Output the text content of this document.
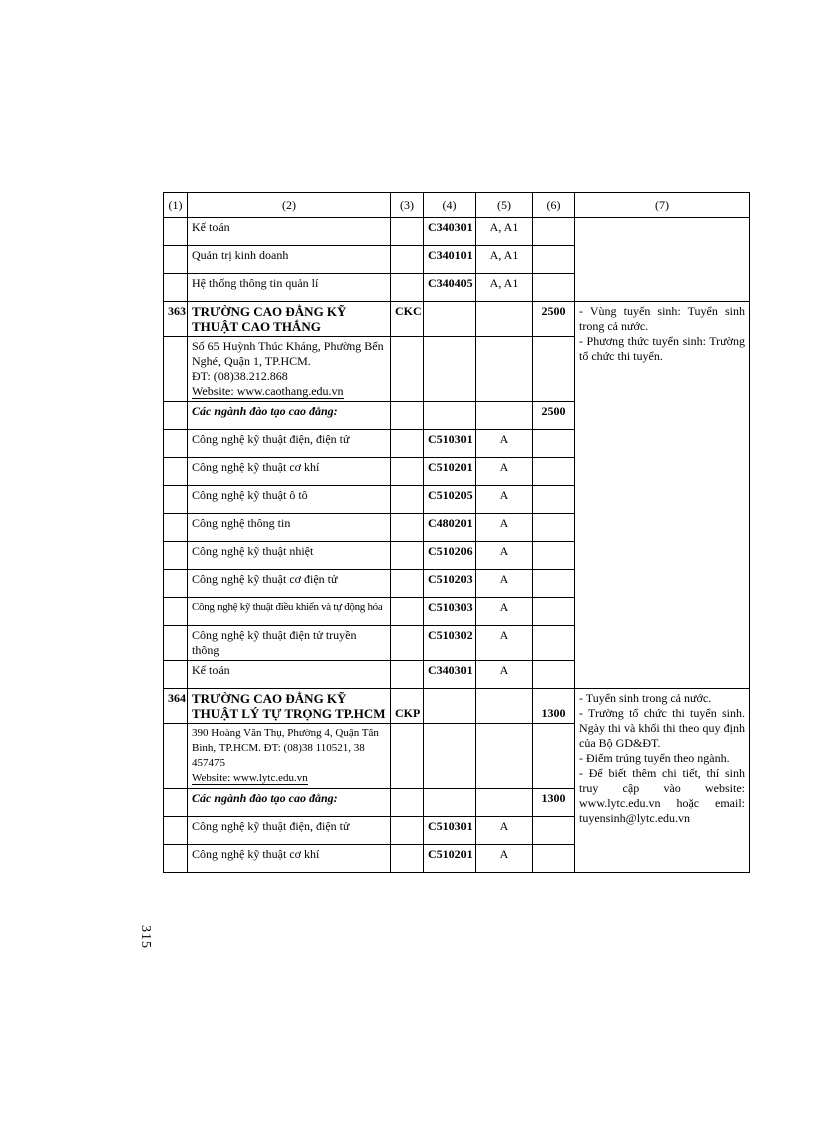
(1)	(2)	(3)	(4)	(5)	(6)	(7)
	Kế toán		C340301	A, A1		
	Quản trị kinh doanh		C340101	A, A1		
	Hệ thống thông tin quản lí		C340405	A, A1		
363	TRƯỜNG CAO ĐẲNG KỸ THUẬT CAO THẮNG	CKC			2500	- Vùng tuyển sinh: Tuyển sinh trong cả nước.

- Phương thức tuyển sinh: Trường tổ chức thi tuyển.

	Số 65 Huỳnh Thúc Kháng, Phường Bến Nghé, Quận 1, TP.HCM.

ĐT: (08)38.212.868

Website: www.caothang.edu.vn					

	Các ngành đào tạo cao đẳng:				2500	
	Công nghệ kỹ thuật điện, điện tử		C510301	A		
	Công nghệ kỹ thuật cơ khí		C510201	A		
	Công nghệ kỹ thuật ô tô		C510205	A		
	Công nghệ thông tin		C480201	A		
	Công nghệ kỹ thuật nhiệt		C510206	A		
	Công nghệ kỹ thuật cơ điện tử		C510203	A		
	Công nghệ kỹ thuật điều khiển và tự động hóa		C510303	A		
	Công nghệ kỹ thuật điện tử truyền thông		C510302	A		
	Kế toán		C340301	A		
364	TRƯỜNG CAO ĐẲNG KỸ THUẬT LÝ TỰ TRỌNG TP.HCM	CKP			1300	- Tuyển sinh trong cả nước.

- Trường tổ chức thi tuyển sinh. Ngày thi và khối thi theo quy định của Bộ GD&ĐT.

- Điểm trúng tuyển theo ngành.

- Để biết thêm chi tiết, thí sinh truy cập vào website: www.lytc.edu.vn hoặc email: tuyensinh@lytc.edu.vn

	390 Hoàng Văn Thụ, Phường 4, Quận Tân Bình, TP.HCM. ĐT: (08)38 110521, 38 457475

Website: www.lytc.edu.vn					

	Các ngành đào tạo cao đẳng:				1300	
	Công nghệ kỹ thuật điện, điện tử		C510301	A		
	Công nghệ kỹ thuật cơ khí		C510201	A		
315
